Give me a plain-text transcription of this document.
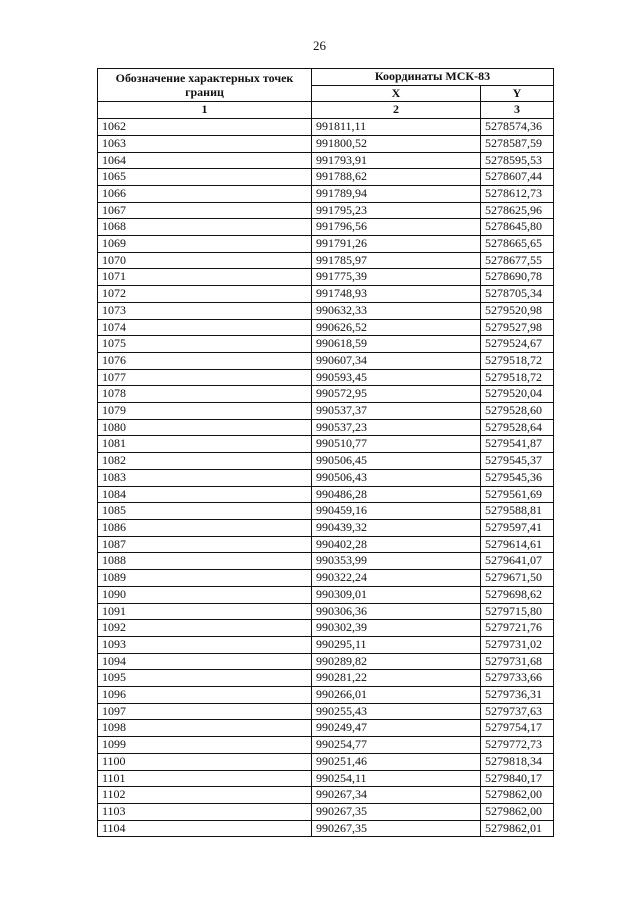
26
Обозначение характерных точек границ	Координаты МСК-83	
	X	Y
1	2	3
1062	991811,11	5278574,36
1063	991800,52	5278587,59
1064	991793,91	5278595,53
1065	991788,62	5278607,44
1066	991789,94	5278612,73
1067	991795,23	5278625,96
1068	991796,56	5278645,80
1069	991791,26	5278665,65
1070	991785,97	5278677,55
1071	991775,39	5278690,78
1072	991748,93	5278705,34
1073	990632,33	5279520,98
1074	990626,52	5279527,98
1075	990618,59	5279524,67
1076	990607,34	5279518,72
1077	990593,45	5279518,72
1078	990572,95	5279520,04
1079	990537,37	5279528,60
1080	990537,23	5279528,64
1081	990510,77	5279541,87
1082	990506,45	5279545,37
1083	990506,43	5279545,36
1084	990486,28	5279561,69
1085	990459,16	5279588,81
1086	990439,32	5279597,41
1087	990402,28	5279614,61
1088	990353,99	5279641,07
1089	990322,24	5279671,50
1090	990309,01	5279698,62
1091	990306,36	5279715,80
1092	990302,39	5279721,76
1093	990295,11	5279731,02
1094	990289,82	5279731,68
1095	990281,22	5279733,66
1096	990266,01	5279736,31
1097	990255,43	5279737,63
1098	990249,47	5279754,17
1099	990254,77	5279772,73
1100	990251,46	5279818,34
1101	990254,11	5279840,17
1102	990267,34	5279862,00
1103	990267,35	5279862,00
1104	990267,35	5279862,01
